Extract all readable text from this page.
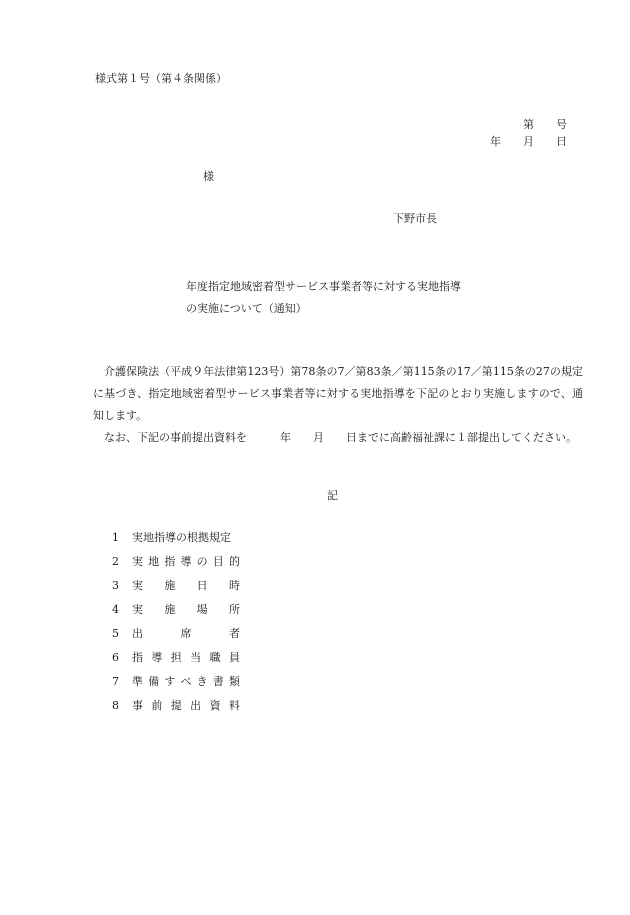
様式第１号（第４条関係）
第　　号
年　　月　　日
様
下野市長
年度指定地域密着型サービス事業者等に対する実地指導
の実施について（通知）

介護保険法（平成９年法律第123号）第78条の7／第83条／第115条の17／第115条の27の規定に基づき、指定地域密着型サービス事業者等に対する実地指導を下記のとおり実施しますので、通知します。

なお、下記の事前提出資料を　　　年　　月　　日までに高齢福祉課に１部提出してください。

記
1	実地指導の根拠規定
2	実 地 指 導 の 目 的
3	実 施 日 時
4	実 施 場 所
5	出	席	者
6	指 導 担 当 職 員
7	準 備 す べ き 書 類
8	事 前 提 出 資 料
